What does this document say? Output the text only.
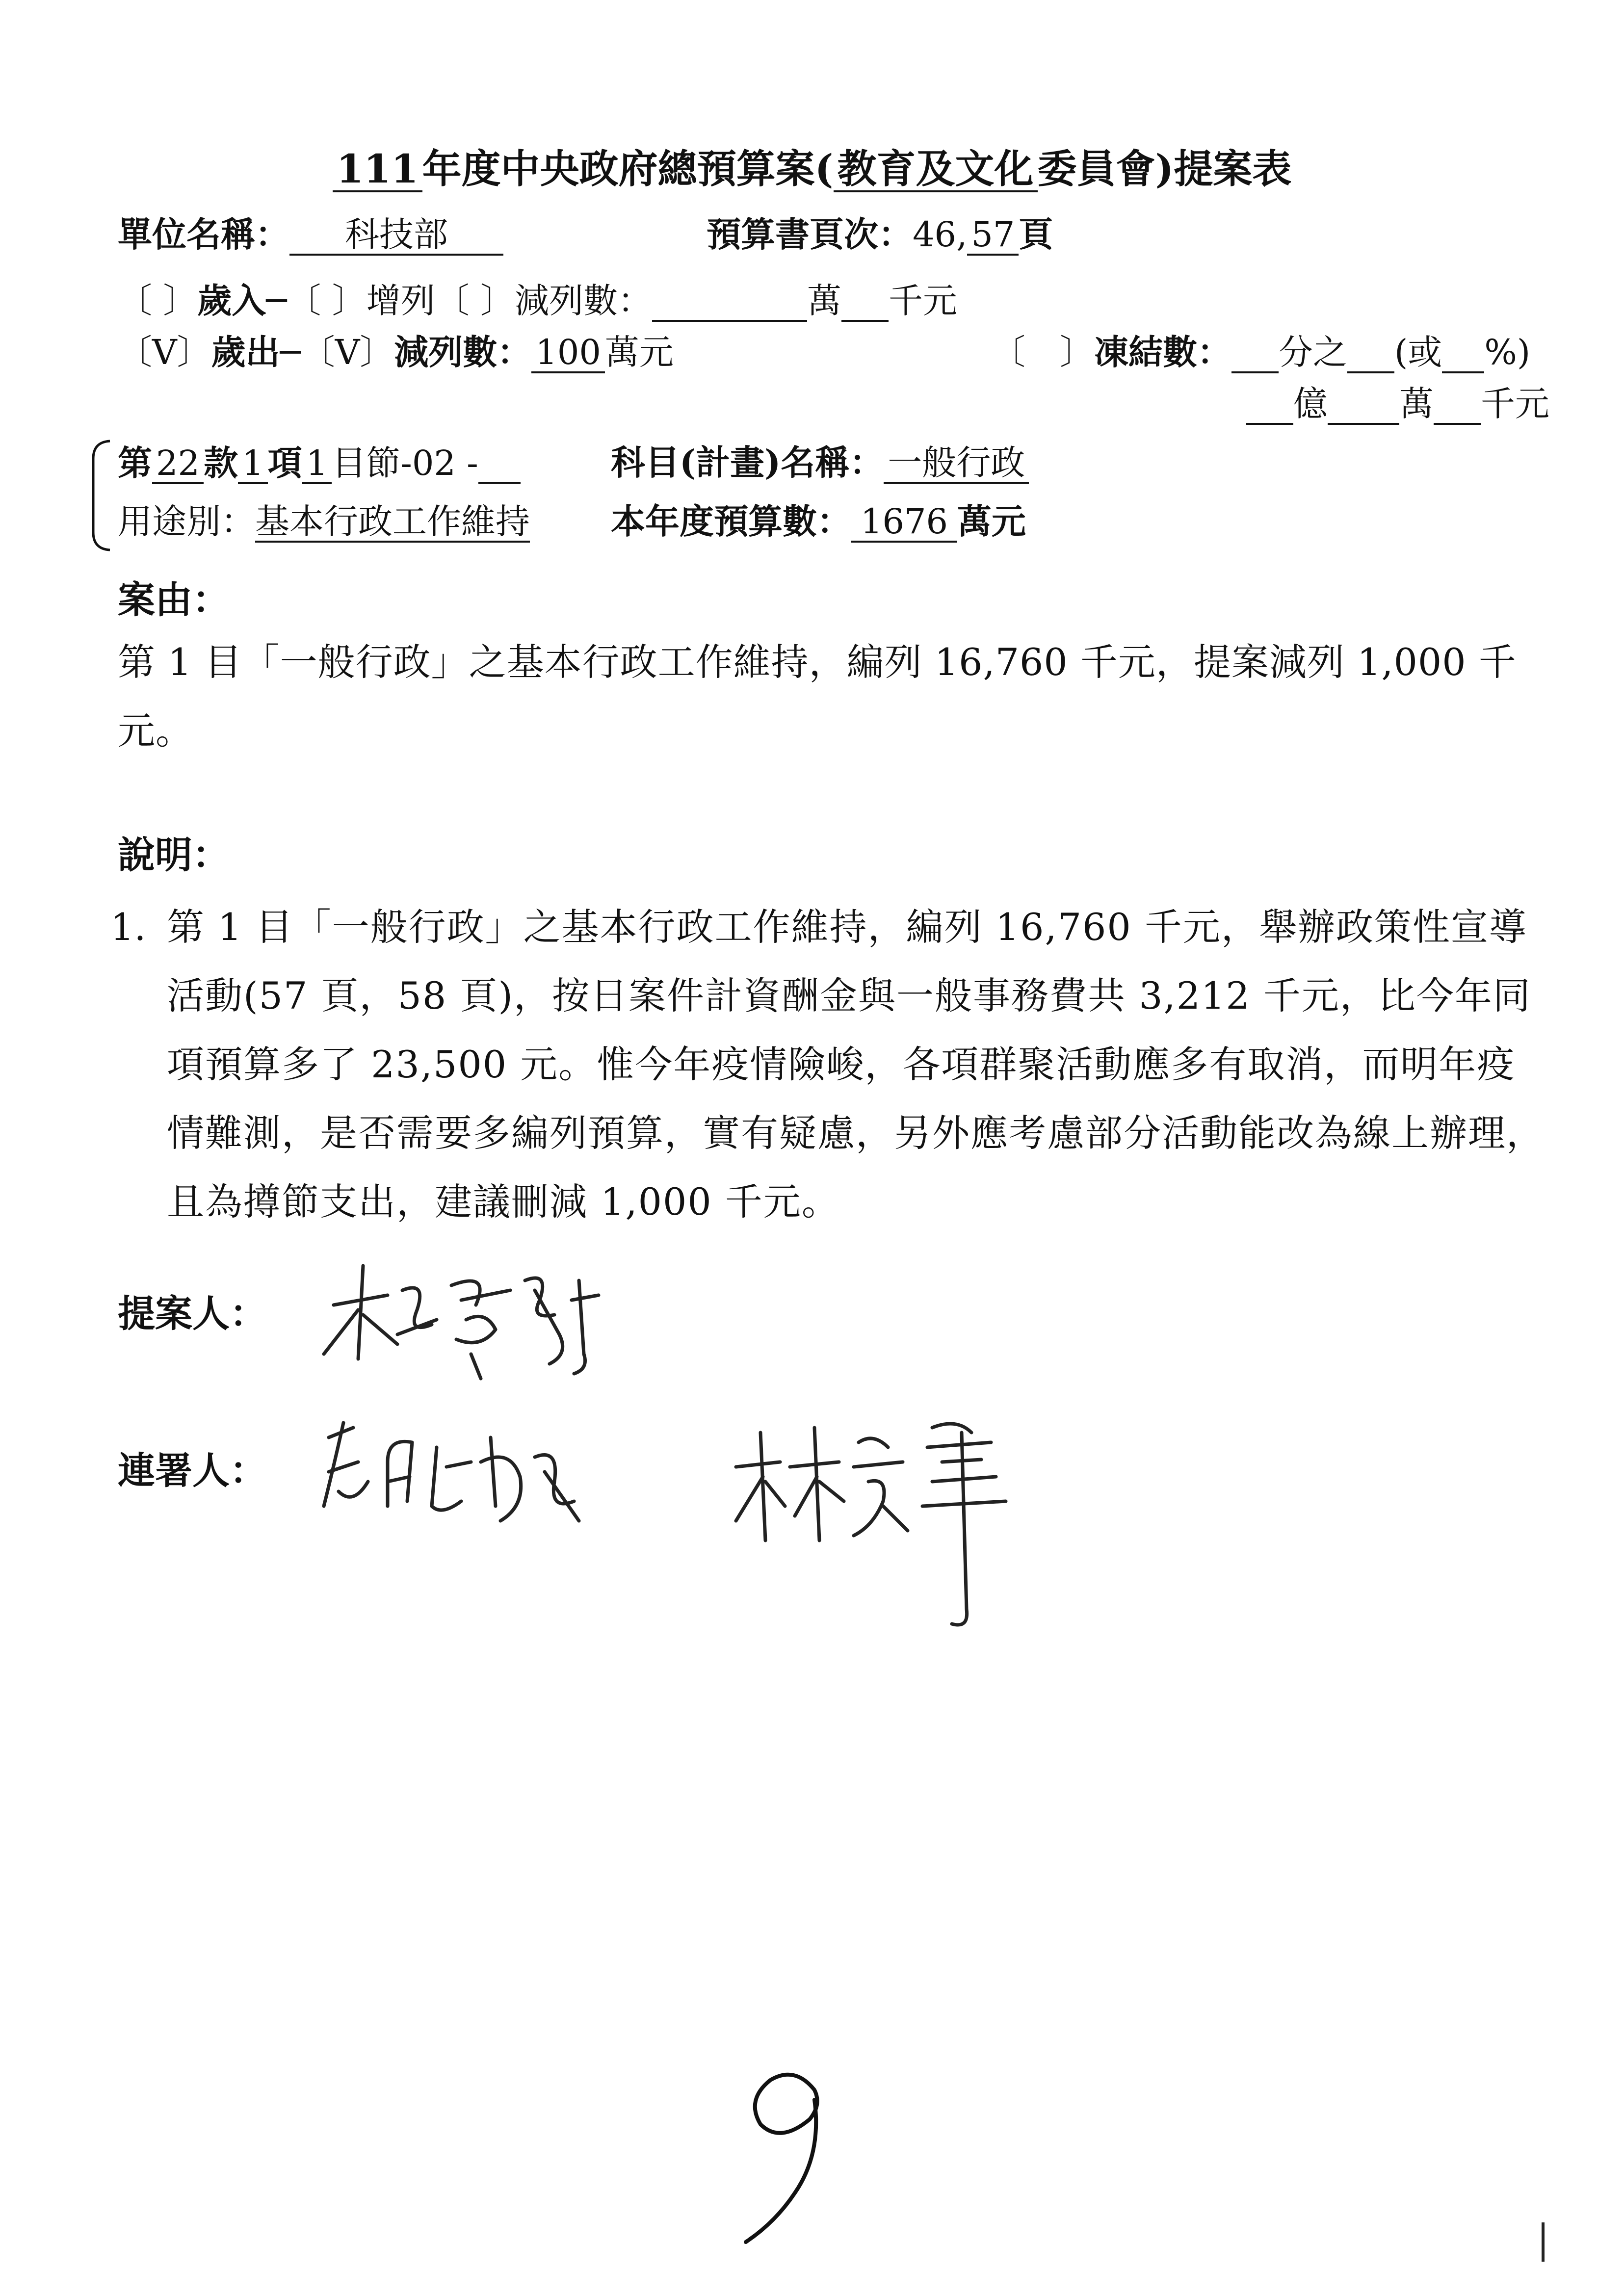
111 年度中央政府總預算案( 教育及文化 委員會)提案表
單位名稱： 科技部	預算書頁次：46, 57 頁
〔 〕歲入─〔 〕增列〔 〕減列數：	萬 千元
〔V〕歲出─〔V〕減列數： 100 萬元	〔　〕凍結數： 分之 (或 %)
億 萬 千元
第 22 款 1 項 1 目節-02 -	科目(計畫)名稱： 一般行政
用途別：基本行政工作維持 本年度預算數： 1676 萬元
案由：
第 1 目「一般行政」之基本行政工作維持，編列 16,760 千元，提案減列 1,000 千元。
說明：
1. 第 1 目「一般行政」之基本行政工作維持，編列 16,760 千元，舉辦政策性宣導活動(57 頁，58 頁)，按日案件計資酬金與一般事務費共 3,212 千元，比今年同項預算多了 23,500 元。惟今年疫情險峻，各項群聚活動應多有取消，而明年疫情難測，是否需要多編列預算，實有疑慮，另外應考慮部分活動能改為線上辦理，且為撙節支出，建議刪減 1,000 千元。
提案人：
連署人：
